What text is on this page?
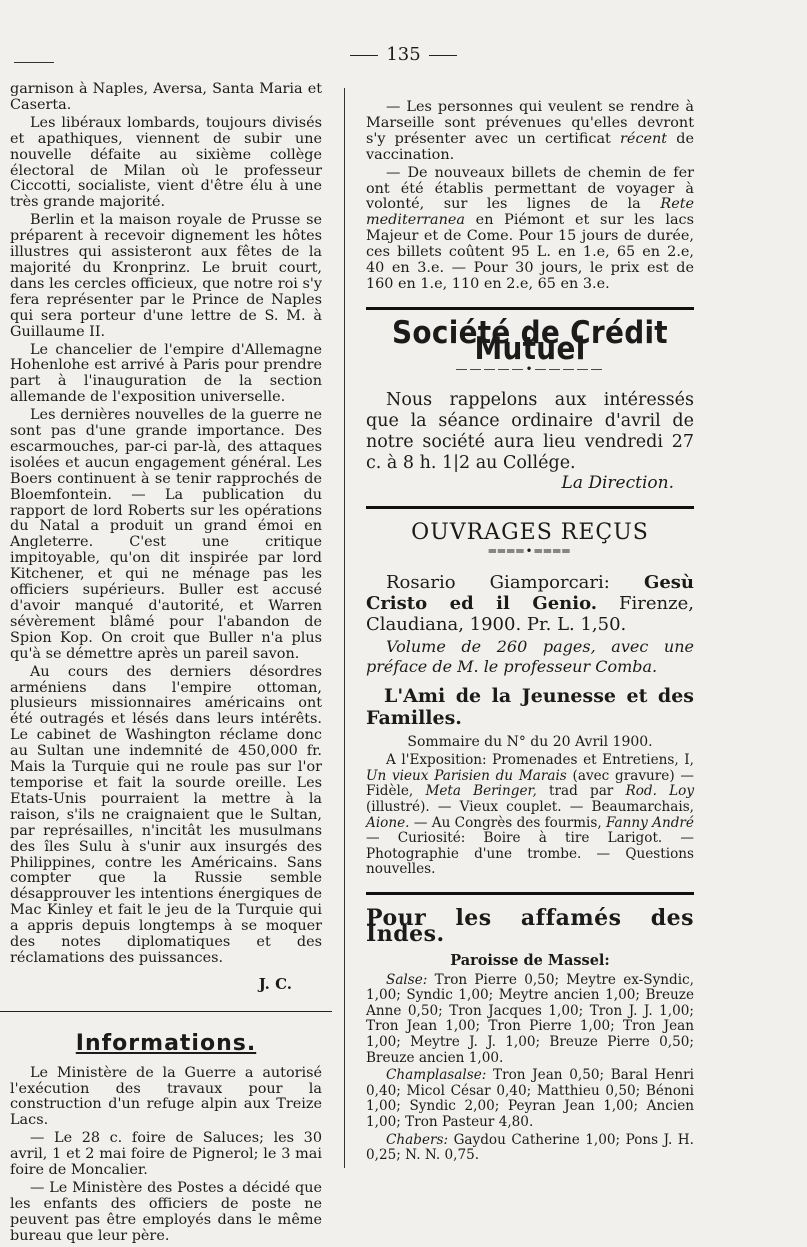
135

garnison à Naples, Aversa, Santa Maria et Caserta.

Les libéraux lombards, toujours divisés et apathiques, viennent de subir une nouvelle défaite au sixième collège électoral de Milan où le professeur Ciccotti, socialiste, vient d'être élu à une très grande majorité.

Berlin et la maison royale de Prusse se préparent à recevoir dignement les hôtes illustres qui assisteront aux fêtes de la majorité du Kronprinz. Le bruit court, dans les cercles officieux, que notre roi s'y fera représenter par le Prince de Naples qui sera porteur d'une lettre de S. M. à Guillaume II.

Le chancelier de l'empire d'Allemagne Hohenlohe est arrivé à Paris pour prendre part à l'inauguration de la section allemande de l'exposition universelle.

Les dernières nouvelles de la guerre ne sont pas d'une grande importance. Des escarmouches, par-ci par-là, des attaques isolées et aucun engagement général. Les Boers continuent à se tenir rapprochés de Bloemfontein. — La publication du rapport de lord Roberts sur les opérations du Natal a produit un grand émoi en Angleterre. C'est une critique impitoyable, qu'on dit inspirée par lord Kitchener, et qui ne ménage pas les officiers supérieurs. Buller est accusé d'avoir manqué d'autorité, et Warren sévèrement blâmé pour l'abandon de Spion Kop. On croit que Buller n'a plus qu'à se démettre après un pareil savon.

Au cours des derniers désordres arméniens dans l'empire ottoman, plusieurs missionnaires américains ont été outragés et lésés dans leurs intérêts. Le cabinet de Washington réclame donc au Sultan une indemnité de 450,000 fr. Mais la Turquie qui ne roule pas sur l'or temporise et fait la sourde oreille. Les Etats-Unis pourraient la mettre à la raison, s'ils ne craignaient que le Sultan, par représailles, n'incitât les musulmans des îles Sulu à s'unir aux insurgés des Philippines, contre les Américains. Sans compter que la Russie semble désapprouver les intentions énergiques de Mac Kinley et fait le jeu de la Turquie qui a appris depuis longtemps à se moquer des notes diplomatiques et des réclamations des puissances.

J. C.
Informations.

Le Ministère de la Guerre a autorisé l'exécution des travaux pour la construction d'un refuge alpin aux Treize Lacs.

— Le 28 c. foire de Saluces; les 30 avril, 1 et 2 mai foire de Pignerol; le 3 mai foire de Moncalier.

— Le Ministère des Postes a décidé que les enfants des officiers de poste ne peuvent pas être employés dans le même bureau que leur père.

— Les personnes qui veulent se rendre à Marseille sont prévenues qu'elles devront s'y présenter avec un certificat récent de vaccination.

— De nouveaux billets de chemin de fer ont été établis permettant de voyager à volonté, sur les lignes de la Rete mediterranea en Piémont et sur les lacs Majeur et de Come. Pour 15 jours de durée, ces billets coûtent 95 L. en 1.e, 65 en 2.e, 40 en 3.e. — Pour 30 jours, le prix est de 160 en 1.e, 110 en 2.e, 65 en 3.e.

Société de Crédit Mutuel
—————•—————

Nous rappelons aux intéressés que la séance ordinaire d'avril de notre société aura lieu vendredi 27 c. à 8 h. 1|2 au Collége.

La Direction.
OUVRAGES REÇUS
════•════

Rosario Giamporcari: Gesù Cristo ed il Genio. Firenze, Claudiana, 1900. Pr. L. 1,50.

Volume de 260 pages, avec une préface de M. le professeur Comba.

L'Ami de la Jeunesse et des Familles.
Sommaire du N° du 20 Avril 1900.

A l'Exposition: Promenades et Entretiens, I, Un vieux Parisien du Marais (avec gravure) — Fidèle, Meta Beringer, trad par Rod. Loy (illustré). — Vieux couplet. — Beaumarchais, Aione. — Au Congrès des fourmis, Fanny André — Curiosité: Boire à tire Larigot. — Photographie d'une trombe. — Questions nouvelles.

Pour les affamés des Indes.
Paroisse de Massel:

Salse: Tron Pierre 0,50; Meytre ex-Syndic, 1,00; Syndic 1,00; Meytre ancien 1,00; Breuze Anne 0,50; Tron Jacques 1,00; Tron J. J. 1,00; Tron Jean 1,00; Tron Pierre 1,00; Tron Jean 1,00; Meytre J. J. 1,00; Breuze Pierre 0,50; Breuze ancien 1,00.

Champlasalse: Tron Jean 0,50; Baral Henri 0,40; Micol César 0,40; Matthieu 0,50; Bénoni 1,00; Syndic 2,00; Peyran Jean 1,00; Ancien 1,00; Tron Pasteur 4,80.

Chabers: Gaydou Catherine 1,00; Pons J. H. 0,25; N. N. 0,75.
